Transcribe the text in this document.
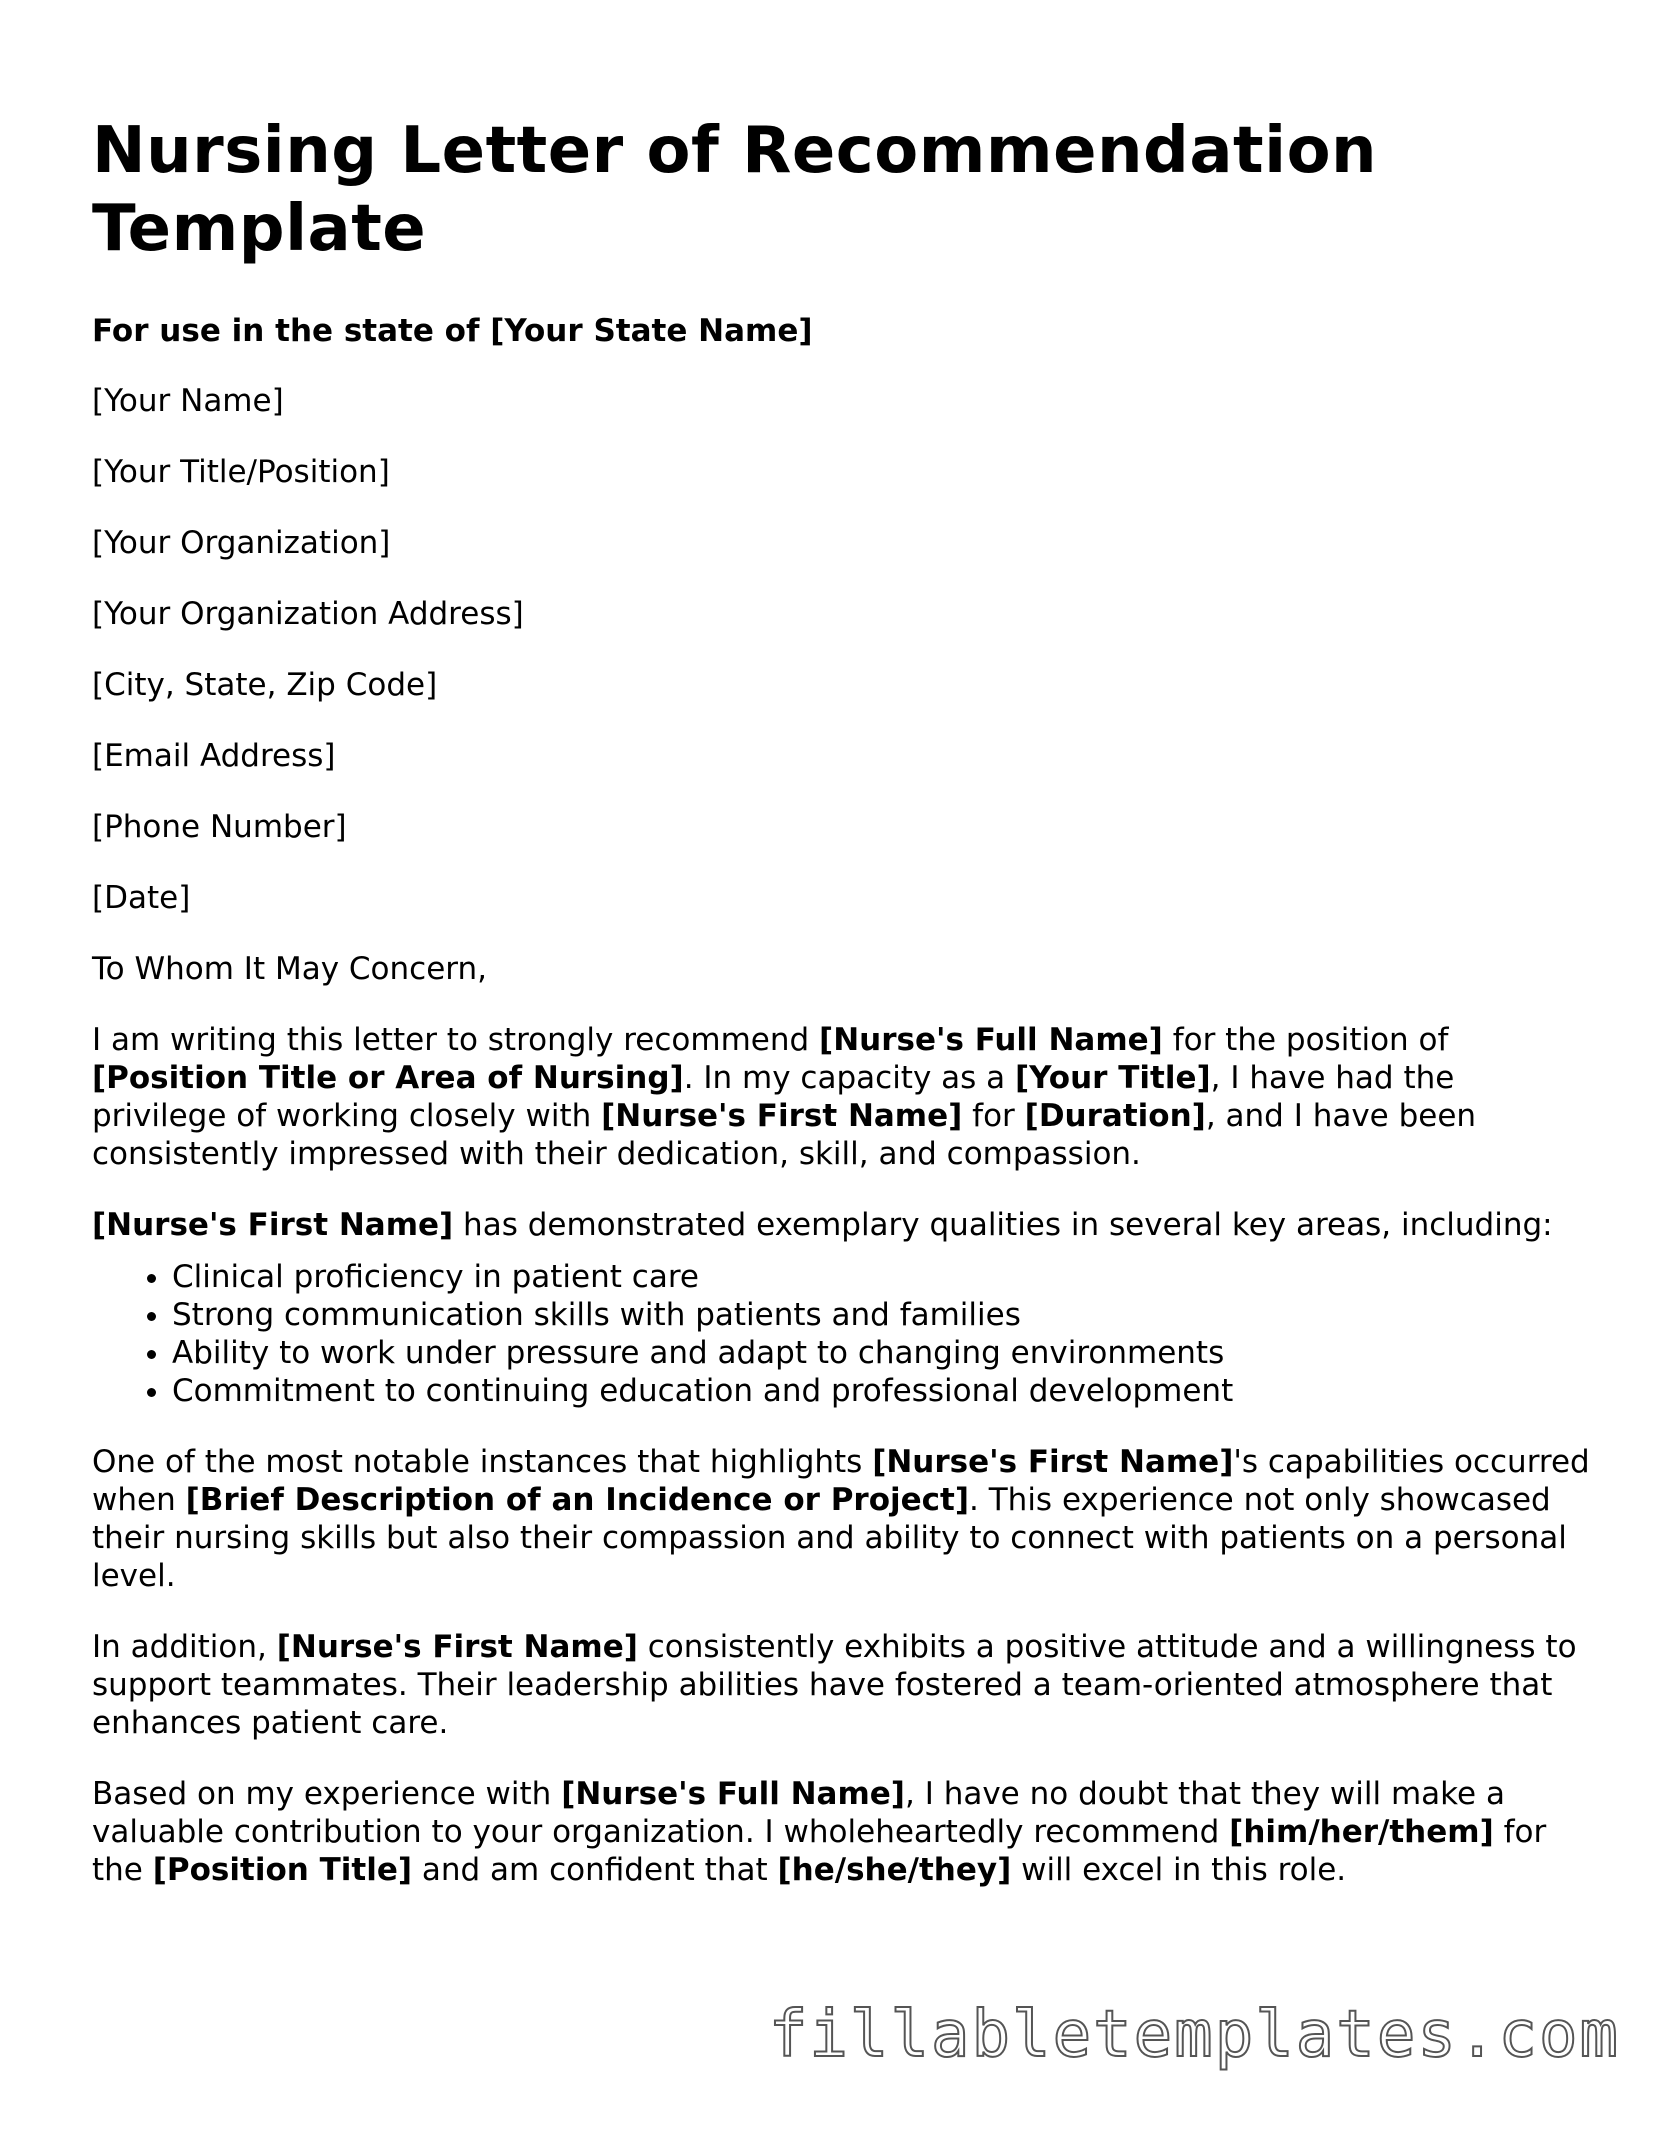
Nursing Letter of Recommendation Template
For use in the state of [Your State Name]
[Your Name]
[Your Title/Position]
[Your Organization]
[Your Organization Address]
[City, State, Zip Code]
[Email Address]
[Phone Number]
[Date]
To Whom It May Concern,

I am writing this letter to strongly recommend [Nurse's Full Name] for the position of [Position Title or Area of Nursing]. In my capacity as a [Your Title], I have had the privilege of working closely with [Nurse's First Name] for [Duration], and I have been consistently impressed with their dedication, skill, and compassion.

[Nurse's First Name] has demonstrated exemplary qualities in several key areas, including:

• Clinical proficiency in patient care
• Strong communication skills with patients and families
• Ability to work under pressure and adapt to changing environments
• Commitment to continuing education and professional development

One of the most notable instances that highlights [Nurse's First Name]'s capabilities occurred when [Brief Description of an Incidence or Project]. This experience not only showcased their nursing skills but also their compassion and ability to connect with patients on a personal level.

In addition, [Nurse's First Name] consistently exhibits a positive attitude and a willingness to support teammates. Their leadership abilities have fostered a team-oriented atmosphere that enhances patient care.

Based on my experience with [Nurse's Full Name], I have no doubt that they will make a valuable contribution to your organization. I wholeheartedly recommend [him/her/them] for the [Position Title] and am confident that [he/she/they] will excel in this role.

fillabletemplates.com
